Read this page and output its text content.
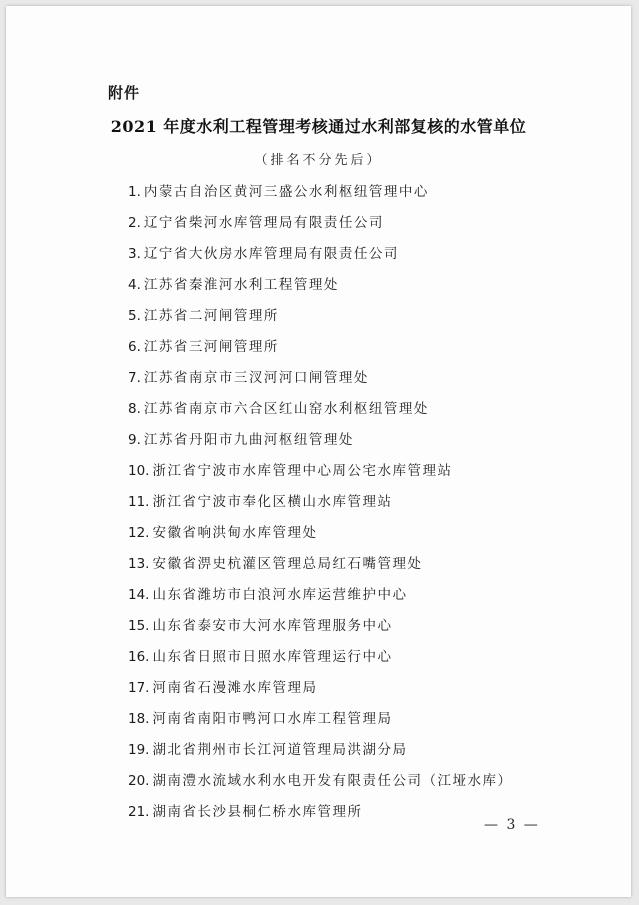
附件
2021 年度水利工程管理考核通过水利部复核的水管单位
（排名不分先后）
1. 内蒙古自治区黄河三盛公水利枢纽管理中心
2. 辽宁省柴河水库管理局有限责任公司
3. 辽宁省大伙房水库管理局有限责任公司
4. 江苏省秦淮河水利工程管理处
5. 江苏省二河闸管理所
6. 江苏省三河闸管理所
7. 江苏省南京市三汊河河口闸管理处
8. 江苏省南京市六合区红山窑水利枢纽管理处
9. 江苏省丹阳市九曲河枢纽管理处
10. 浙江省宁波市水库管理中心周公宅水库管理站
11. 浙江省宁波市奉化区横山水库管理站
12. 安徽省响洪甸水库管理处
13. 安徽省淠史杭灌区管理总局红石嘴管理处
14. 山东省潍坊市白浪河水库运营维护中心
15. 山东省泰安市大河水库管理服务中心
16. 山东省日照市日照水库管理运行中心
17. 河南省石漫滩水库管理局
18. 河南省南阳市鸭河口水库工程管理局
19. 湖北省荆州市长江河道管理局洪湖分局
20. 湖南澧水流域水利水电开发有限责任公司（江垭水库）
21. 湖南省长沙县桐仁桥水库管理所
— 3 —
